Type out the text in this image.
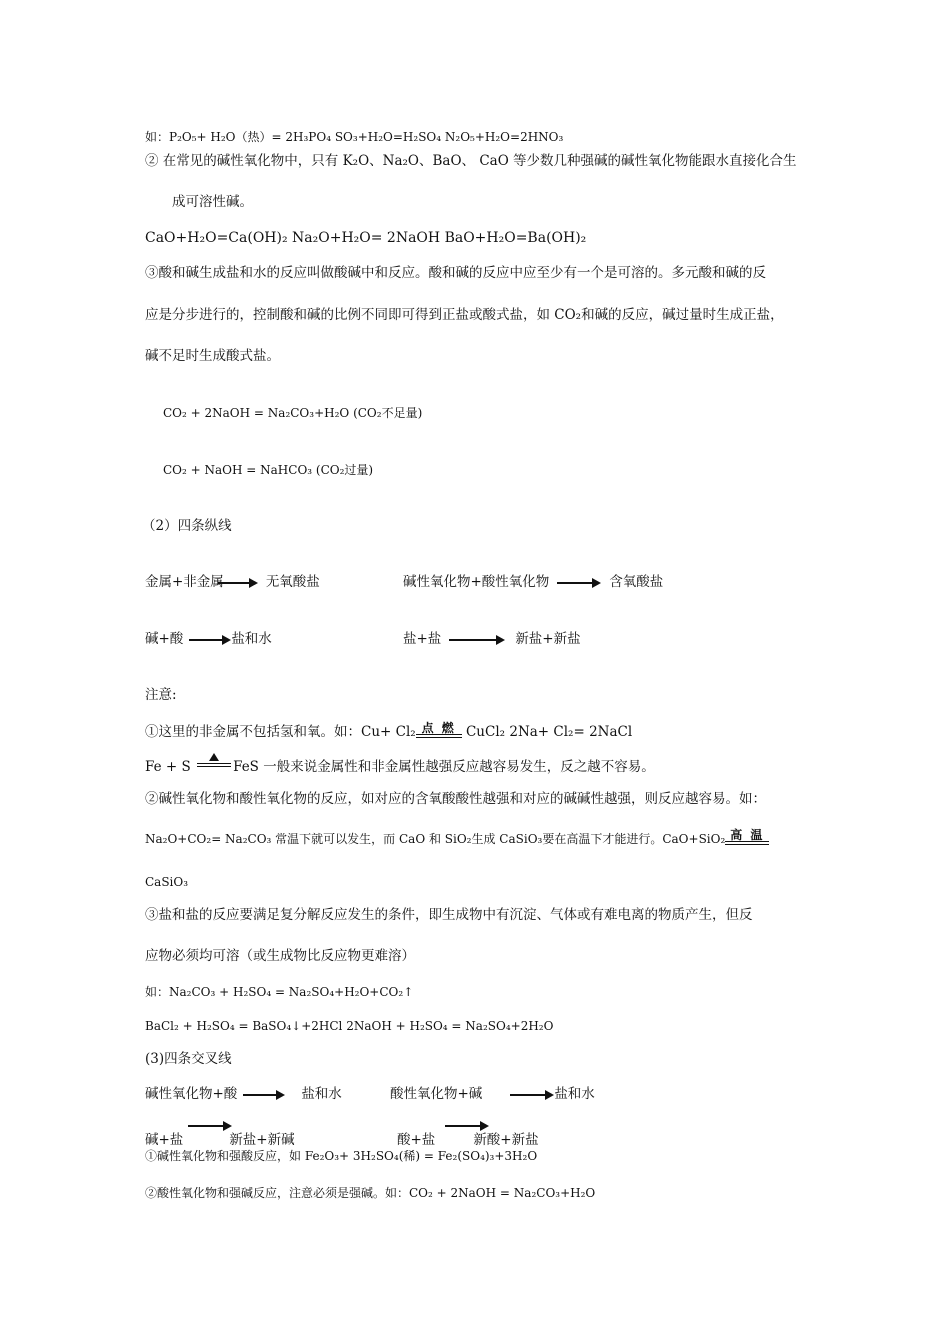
如：P₂O₅+ H₂O（热）= 2H₃PO₄ SO₃+H₂O=H₂SO₄ N₂O₅+H₂O=2HNO₃
② 在常见的碱性氧化物中，只有 K₂O、Na₂O、BaO、 CaO 等少数几种强碱的碱性氧化物能跟水直接化合生
成可溶性碱。
CaO+H₂O=Ca(OH)₂ Na₂O+H₂O= 2NaOH BaO+H₂O=Ba(OH)₂
③酸和碱生成盐和水的反应叫做酸碱中和反应。酸和碱的反应中应至少有一个是可溶的。多元酸和碱的反
应是分步进行的，控制酸和碱的比例不同即可得到正盐或酸式盐，如 CO₂和碱的反应，碱过量时生成正盐，
碱不足时生成酸式盐。
CO₂ + 2NaOH = Na₂CO₃+H₂O (CO₂不足量)
CO₂ + NaOH = NaHCO₃ (CO₂过量)
（2）四条纵线
金属+非金属	无氧酸盐	碱性氧化物+酸性氧化物	含氧酸盐
碱+酸	盐和水	盐+盐	新盐+新盐
注意:
①这里的非金属不包括氢和氧。如：Cu+ Cl₂ 点 燃 CuCl₂ 2Na+ Cl₂= 2NaCl
Fe + S	FeS 一般来说金属性和非金属性越强反应越容易发生，反之越不容易。
②碱性氧化物和酸性氧化物的反应，如对应的含氧酸酸性越强和对应的碱碱性越强，则反应越容易。如：
Na₂O+CO₂= Na₂CO₃ 常温下就可以发生，而 CaO 和 SiO₂生成 CaSiO₃要在高温下才能进行。CaO+SiO₂ 高 温
CaSiO₃
③盐和盐的反应要满足复分解反应发生的条件，即生成物中有沉淀、气体或有难电离的物质产生，但反
应物必须均可溶（或生成物比反应物更难溶）
如：Na₂CO₃ + H₂SO₄ = Na₂SO₄+H₂O+CO₂↑
BaCl₂ + H₂SO₄ = BaSO₄↓+2HCl 2NaOH + H₂SO₄ = Na₂SO₄+2H₂O
(3)四条交叉线
碱性氧化物+酸	盐和水	酸性氧化物+碱	盐和水
碱+盐	新盐+新碱	酸+盐	新酸+新盐
①碱性氧化物和强酸反应，如 Fe₂O₃+ 3H₂SO₄(稀) = Fe₂(SO₄)₃+3H₂O
②酸性氧化物和强碱反应，注意必须是强碱。如：CO₂ + 2NaOH = Na₂CO₃+H₂O
